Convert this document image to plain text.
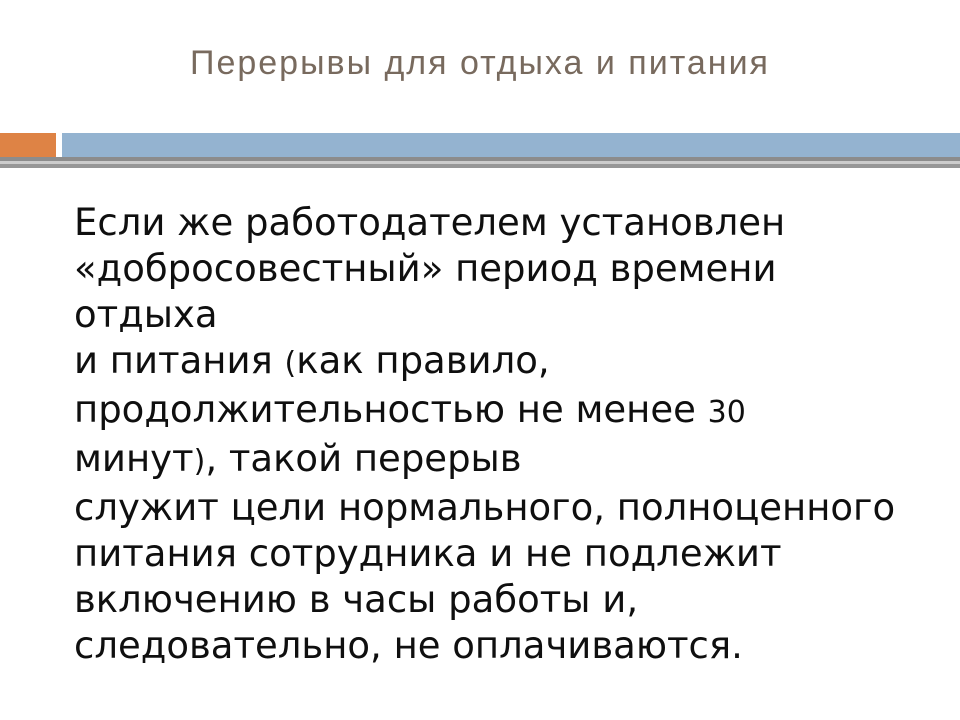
Перерывы для отдыха и питания
Если же работодателем установлен
«добросовестный» период времени
отдыха
и питания (как правило,
продолжительностью не менее 30
минут), такой перерыв
служит цели нормального, полноценного
питания сотрудника и не подлежит
включению в часы работы и,
следовательно, не оплачиваются.
